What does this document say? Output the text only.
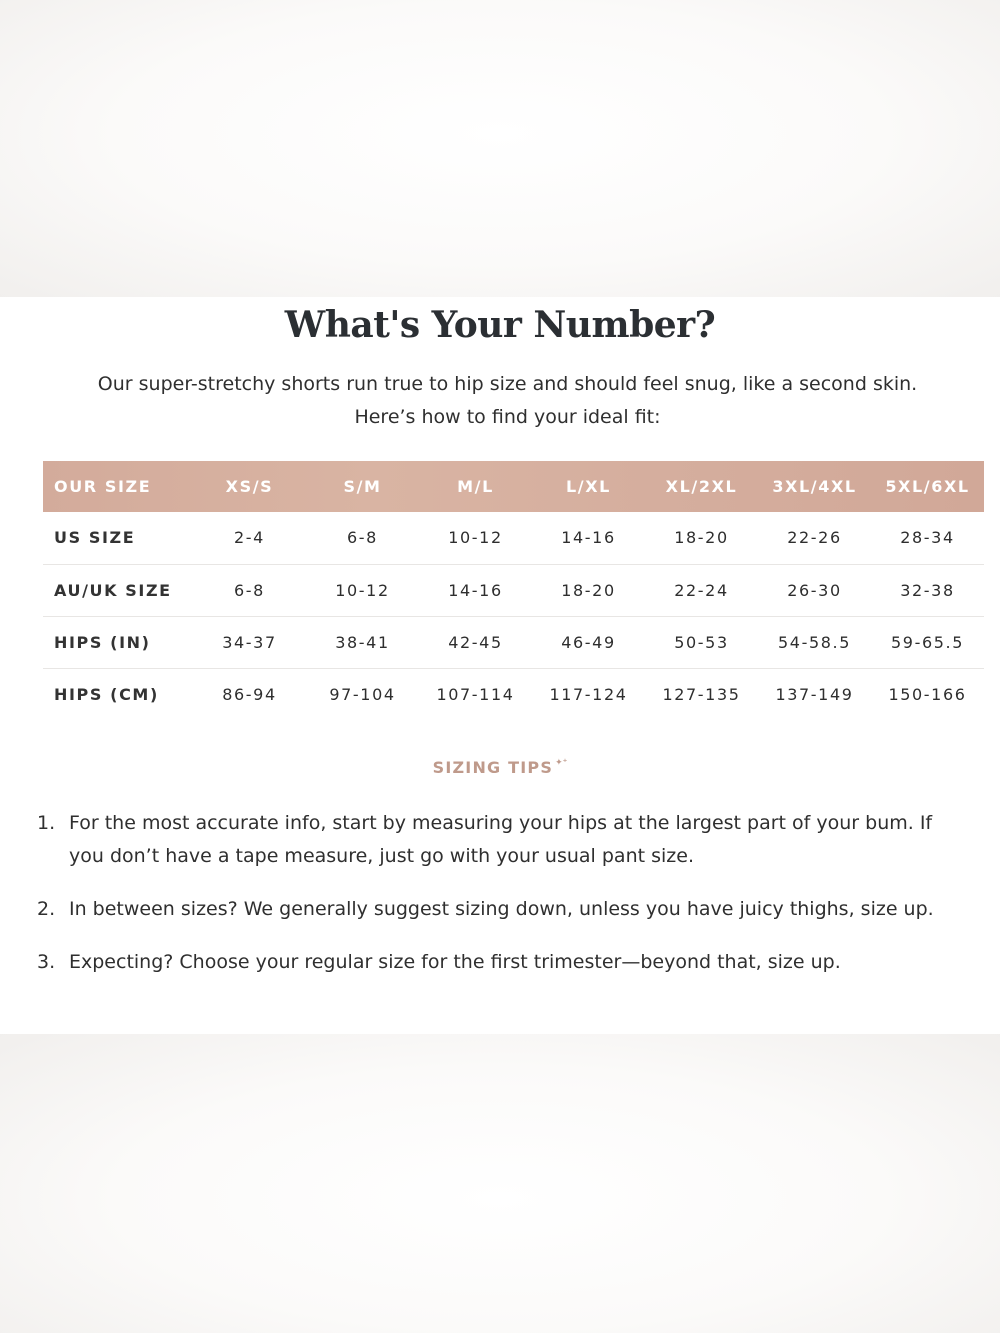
What's Your Number?

Our super-stretchy shorts run true to hip size and should feel snug, like a second skin.
Here’s how to find your ideal fit:

OUR SIZE	XS/S	S/M	M/L	L/XL	XL/2XL	3XL/4XL	5XL/6XL
US SIZE	2-4	6-8	10-12	14-16	18-20	22-26	28-34
AU/UK SIZE	6-8	10-12	14-16	18-20	22-24	26-30	32-38
HIPS (IN)	34-37	38-41	42-45	46-49	50-53	54-58.5	59-65.5
HIPS (CM)	86-94	97-104	107-114	117-124	127-135	137-149	150-166
SIZING TIPS ✦⁺
1. For the most accurate info, start by measuring your hips at the largest part of your bum. If you don’t have a tape measure, just go with your usual pant size.
2. In between sizes? We generally suggest sizing down, unless you have juicy thighs, size up.
3. Expecting? Choose your regular size for the first trimester—beyond that, size up.
